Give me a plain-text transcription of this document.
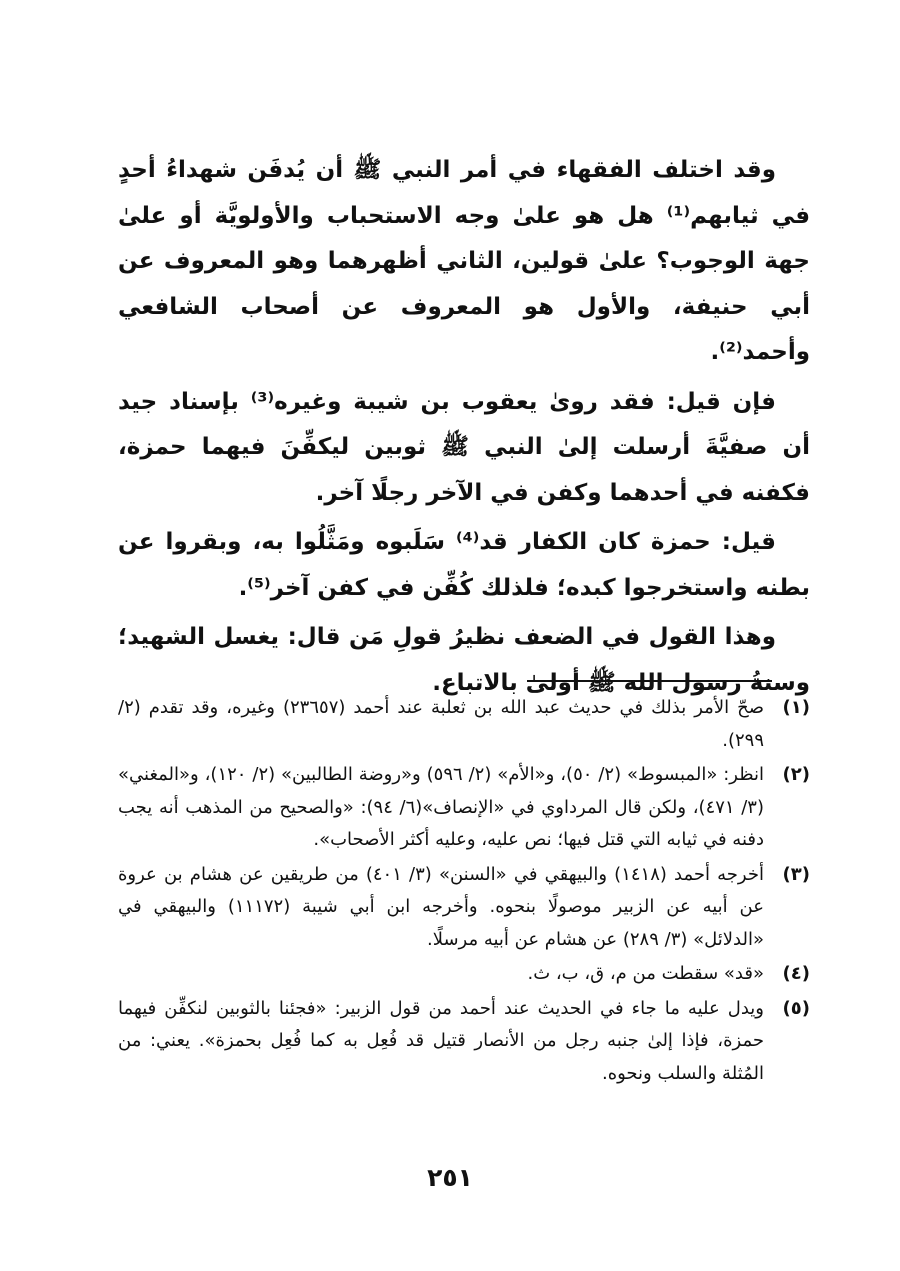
وقد اختلف الفقهاء في أمر النبي ﷺ أن يُدفَن شهداءُ أحدٍ في ثيابهم⁽¹⁾ هل هو علىٰ وجه الاستحباب والأولويَّة أو علىٰ جهة الوجوب؟ علىٰ قولين، الثاني أظهرهما وهو المعروف عن أبي حنيفة، والأول هو المعروف عن أصحاب الشافعي وأحمد⁽²⁾.

فإن قيل: فقد روىٰ يعقوب بن شيبة وغيره⁽³⁾ بإسناد جيد أن صفيَّةَ أرسلت إلىٰ النبي ﷺ ثوبين ليكفِّنَ فيهما حمزة، فكفنه في أحدهما وكفن في الآخر رجلًا آخر.

قيل: حمزة كان الكفار قد⁽⁴⁾ سَلَبوه ومَثَّلُوا به، وبقروا عن بطنه واستخرجوا كبده؛ فلذلك كُفِّن في كفن آخر⁽⁵⁾.

وهذا القول في الضعف نظيرُ قولِ مَن قال: يغسل الشهيد؛ وسنةُ رسول الله ﷺ أولىٰ بالاتباع.

(١)
صحّ الأمر بذلك في حديث عبد الله بن ثعلبة عند أحمد (٢٣٦٥٧) وغيره، وقد تقدم (٢/ ٢٩٩).

(٢)
انظر: «المبسوط» (٢/ ٥٠)، و«الأم» (٢/ ٥٩٦) و«روضة الطالبين» (٢/ ١٢٠)، و«المغني» (٣/ ٤٧١)، ولكن قال المرداوي في «الإنصاف»(٦/ ٩٤): «والصحيح من المذهب أنه يجب دفنه في ثيابه التي قتل فيها؛ نص عليه، وعليه أكثر الأصحاب».

(٣)
أخرجه أحمد (١٤١٨) والبيهقي في «السنن» (٣/ ٤٠١) من طريقين عن هشام بن عروة عن أبيه عن الزبير موصولًا بنحوه. وأخرجه ابن أبي شيبة (١١١٧٢) والبيهقي في «الدلائل» (٣/ ٢٨٩) عن هشام عن أبيه مرسلًا.

(٤)
«قد» سقطت من م، ق، ب، ث.

(٥)
ويدل عليه ما جاء في الحديث عند أحمد من قول الزبير: «فجئنا بالثوبين لنكفِّن فيهما حمزة، فإذا إلىٰ جنبه رجل من الأنصار قتيل قد فُعِل به كما فُعِل بحمزة». يعني: من المُثلة والسلب ونحوه.

٢٥١
